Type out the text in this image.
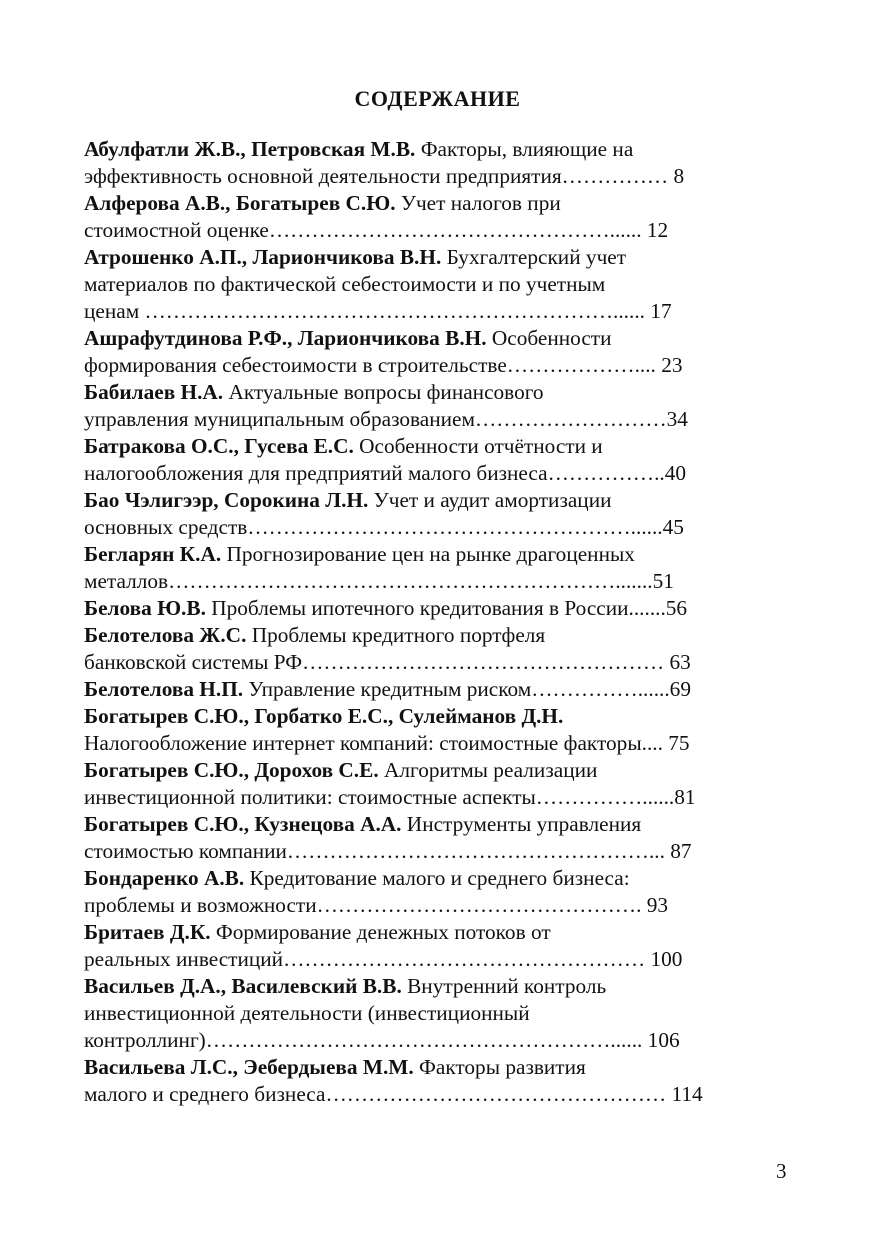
СОДЕРЖАНИЕ
Абулфатли Ж.В., Петровская М.В. Факторы, влияющие на
эффективность основной деятельности предприятия…………… 8
Алферова А.В., Богатырев С.Ю. Учет налогов при
стоимостной оценке…………………………………………...... 12
Атрошенко А.П., Лариончикова В.Н. Бухгалтерский учет
материалов по фактической себестоимости и по учетным
ценам …………………………………………………………...... 17
Ашрафутдинова Р.Ф., Лариончикова В.Н. Особенности
формирования себестоимости в строительстве……………….... 23
Бабилаев Н.А. Актуальные вопросы финансового
управления муниципальным образованием………………………34
Батракова О.С., Гусева Е.С. Особенности отчётности и
налогообложения для предприятий малого бизнеса……………..40
Бао Чэлигээр, Сорокина Л.Н. Учет и аудит амортизации
основных средств………………………………………………......45
Бегларян К.А. Прогнозирование цен на рынке драгоценных
металлов……………………………………………………….......51
Белова Ю.В. Проблемы ипотечного кредитования в России.......56
Белотелова Ж.С. Проблемы кредитного портфеля
банковской системы РФ…………………………………………… 63
Белотелова Н.П. Управление кредитным риском……………......69
Богатырев С.Ю., Горбатко Е.С., Сулейманов Д.Н.
Налогообложение интернет компаний: стоимостные факторы.... 75
Богатырев С.Ю., Дорохов С.Е. Алгоритмы реализации
инвестиционной политики: стоимостные аспекты……………......81
Богатырев С.Ю., Кузнецова А.А. Инструменты управления
стоимостью компании……………………………………………... 87
Бондаренко А.В. Кредитование малого и среднего бизнеса:
проблемы и возможности………………………………………. 93
Бритаев Д.К. Формирование денежных потоков от
реальных инвестиций…………………………………………… 100
Васильев Д.А., Василевский В.В. Внутренний контроль
инвестиционной деятельности (инвестиционный
контроллинг)…………………………………………………...... 106
Васильева Л.С., Эебердыева М.М. Факторы развития
малого и среднего бизнеса………………………………………… 114
3
